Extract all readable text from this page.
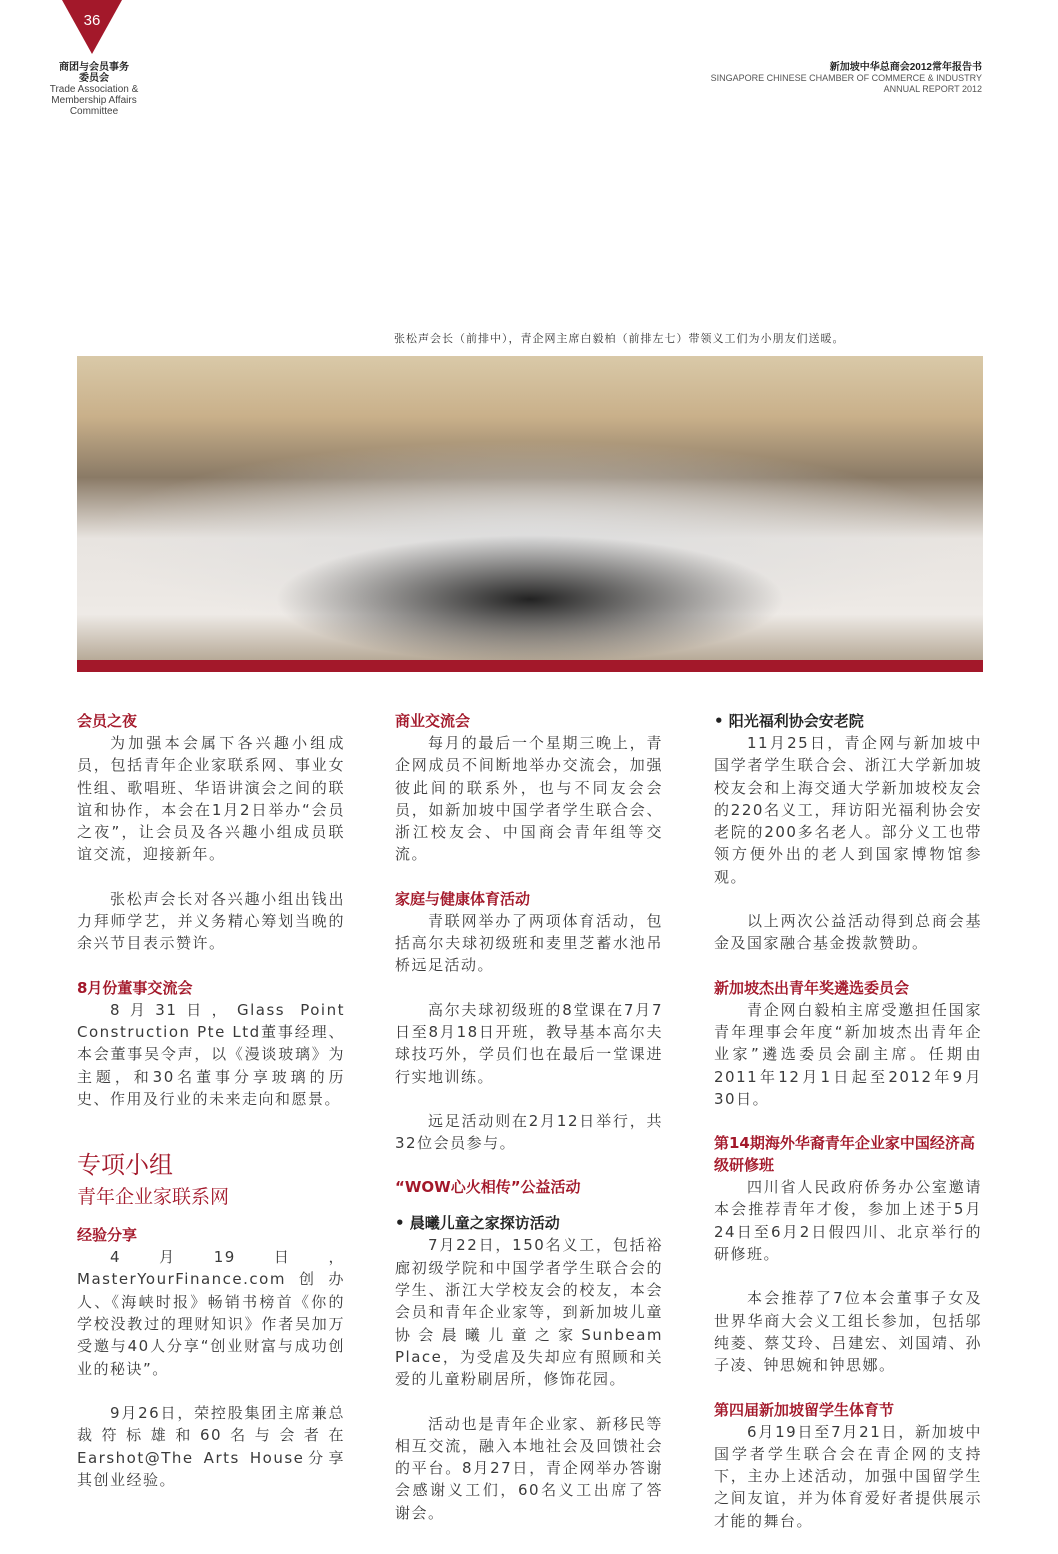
36
商团与会员事务
委员会
Trade Association &
Membership Affairs
Committee
新加坡中华总商会2012常年报告书
SINGAPORE CHINESE CHAMBER OF COMMERCE & INDUSTRY
ANNUAL REPORT 2012
张松声会长（前排中），青企网主席白毅柏（前排左七）带领义工们为小朋友们送暖。
会员之夜

为加强本会属下各兴趣小组成员，包括青年企业家联系网、事业女性组、歌唱班、华语讲演会之间的联谊和协作，本会在1月2日举办“会员之夜”，让会员及各兴趣小组成员联谊交流，迎接新年。

张松声会长对各兴趣小组出钱出力拜师学艺，并义务精心筹划当晚的余兴节目表示赞许。

8月份董事交流会

8月31日，Glass Point Construction Pte Ltd董事经理、本会董事吴令声，以《漫谈玻璃》为主题，和30名董事分享玻璃的历史、作用及行业的未来走向和愿景。

专项小组
青年企业家联系网
经验分享

4月19日，MasterYourFinance.com创办人、《海峡时报》畅销书榜首《你的学校没教过的理财知识》作者吴加万受邀与40人分享“创业财富与成功创业的秘诀”。

9月26日，荣控股集团主席兼总裁符标雄和60名与会者在Earshot@The Arts House分享其创业经验。

商业交流会

每月的最后一个星期三晚上，青企网成员不间断地举办交流会，加强彼此间的联系外，也与不同友会会员，如新加坡中国学者学生联合会、浙江校友会、中国商会青年组等交流。

家庭与健康体育活动

青联网举办了两项体育活动，包括高尔夫球初级班和麦里芝蓄水池吊桥远足活动。

高尔夫球初级班的8堂课在7月7日至8月18日开班，教导基本高尔夫球技巧外，学员们也在最后一堂课进行实地训练。

远足活动则在2月12日举行，共32位会员参与。

“WOW心火相传”公益活动
• 晨曦儿童之家探访活动

7月22日，150名义工，包括裕廊初级学院和中国学者学生联合会的学生、浙江大学校友会的校友，本会会员和青年企业家等，到新加坡儿童协会晨曦儿童之家Sunbeam Place，为受虐及失却应有照顾和关爱的儿童粉刷居所，修饰花园。

活动也是青年企业家、新移民等相互交流，融入本地社会及回馈社会的平台。8月27日，青企网举办答谢会感谢义工们，60名义工出席了答谢会。

• 阳光福利协会安老院

11月25日，青企网与新加坡中国学者学生联合会、浙江大学新加坡校友会和上海交通大学新加坡校友会的220名义工，拜访阳光福利协会安老院的200多名老人。部分义工也带领方便外出的老人到国家博物馆参观。

以上两次公益活动得到总商会基金及国家融合基金拨款赞助。

新加坡杰出青年奖遴选委员会

青企网白毅柏主席受邀担任国家青年理事会年度“新加坡杰出青年企业家”遴选委员会副主席。任期由2011年12月1日起至2012年9月30日。

第14期海外华裔青年企业家中国经济高级研修班

四川省人民政府侨务办公室邀请本会推荐青年才俊，参加上述于5月24日至6月2日假四川、北京举行的研修班。

本会推荐了7位本会董事子女及世界华商大会义工组长参加，包括邬纯菱、蔡艾玲、吕建宏、刘国靖、孙子凌、钟思婉和钟思娜。

第四届新加坡留学生体育节

6月19日至7月21日，新加坡中国学者学生联合会在青企网的支持下，主办上述活动，加强中国留学生之间友谊，并为体育爱好者提供展示才能的舞台。
